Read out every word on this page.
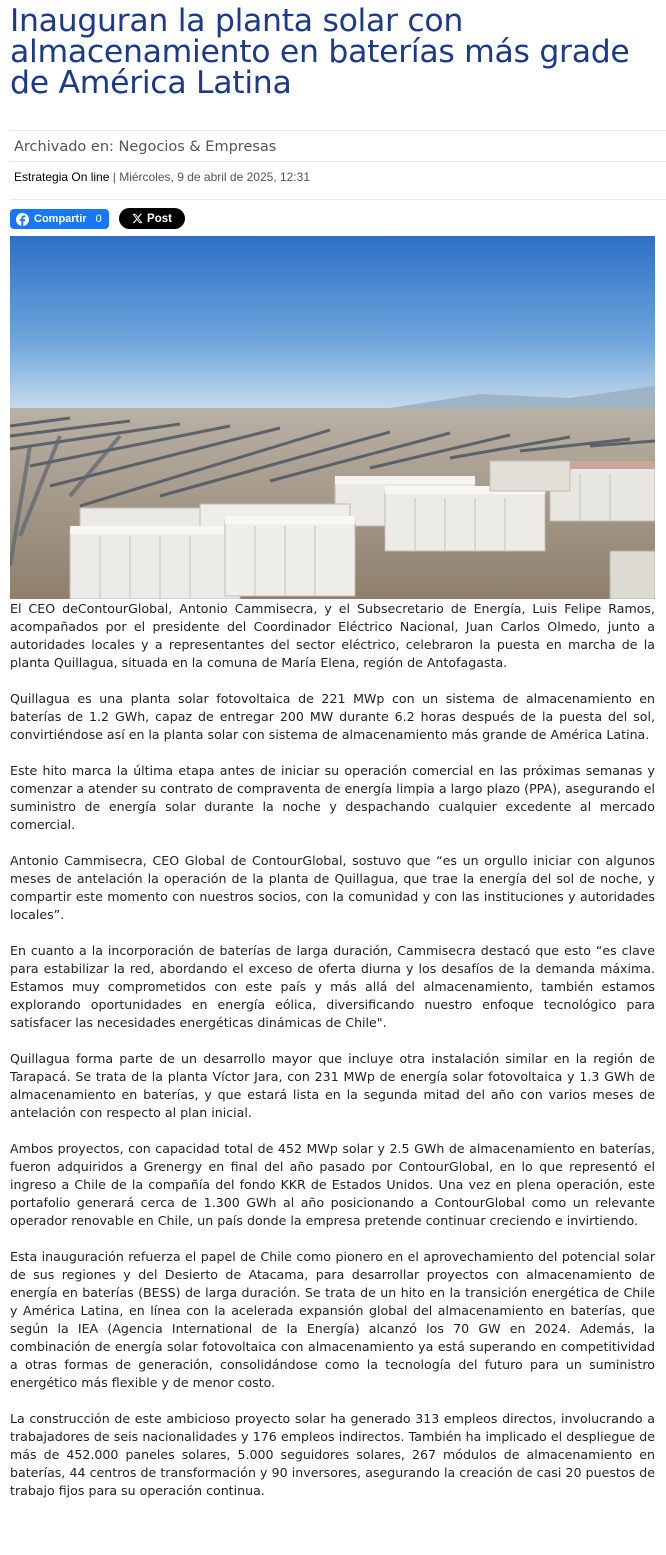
Inauguran la planta solar con almacenamiento en baterías más grade de América Latina
Archivado en: Negocios & Empresas
Estrategia On line | Miércoles, 9 de abril de 2025, 12:31
Compartir 0	Post

El CEO deContourGlobal, Antonio Cammisecra, y el Subsecretario de Energía, Luis Felipe Ramos, acompañados por el presidente del Coordinador Eléctrico Nacional, Juan Carlos Olmedo, junto a autoridades locales y a representantes del sector eléctrico, celebraron la puesta en marcha de la planta Quillagua, situada en la comuna de María Elena, región de Antofagasta.

Quillagua es una planta solar fotovoltaica de 221 MWp con un sistema de almacenamiento en baterías de 1.2 GWh, capaz de entregar 200 MW durante 6.2 horas después de la puesta del sol, convirtiéndose así en la planta solar con sistema de almacenamiento más grande de América Latina.

Este hito marca la última etapa antes de iniciar su operación comercial en las próximas semanas y comenzar a atender su contrato de compraventa de energía limpia a largo plazo (PPA), asegurando el suministro de energía solar durante la noche y despachando cualquier excedente al mercado comercial.

Antonio Cammisecra, CEO Global de ContourGlobal, sostuvo que “es un orgullo iniciar con algunos meses de antelación la operación de la planta de Quillagua, que trae la energía del sol de noche, y compartir este momento con nuestros socios, con la comunidad y con las instituciones y autoridades locales”.

En cuanto a la incorporación de baterías de larga duración, Cammisecra destacó que esto “es clave para estabilizar la red, abordando el exceso de oferta diurna y los desafíos de la demanda máxima. Estamos muy comprometidos con este país y más allá del almacenamiento, también estamos explorando oportunidades en energía eólica, diversificando nuestro enfoque tecnológico para satisfacer las necesidades energéticas dinámicas de Chile".

Quillagua forma parte de un desarrollo mayor que incluye otra instalación similar en la región de Tarapacá. Se trata de la planta Víctor Jara, con 231 MWp de energía solar fotovoltaica y 1.3 GWh de almacenamiento en baterías, y que estará lista en la segunda mitad del año con varios meses de antelación con respecto al plan inicial.

Ambos proyectos, con capacidad total de 452 MWp solar y 2.5 GWh de almacenamiento en baterías, fueron adquiridos a Grenergy en final del año pasado por ContourGlobal, en lo que representó el ingreso a Chile de la compañía del fondo KKR de Estados Unidos. Una vez en plena operación, este portafolio generará cerca de 1.300 GWh al año posicionando a ContourGlobal como un relevante operador renovable en Chile, un país donde la empresa pretende continuar creciendo e invirtiendo.

Esta inauguración refuerza el papel de Chile como pionero en el aprovechamiento del potencial solar de sus regiones y del Desierto de Atacama, para desarrollar proyectos con almacenamiento de energía en baterías (BESS) de larga duración. Se trata de un hito en la transición energética de Chile y América Latina, en línea con la acelerada expansión global del almacenamiento en baterías, que según la IEA (Agencia International de la Energía) alcanzó los 70 GW en 2024. Además, la combinación de energía solar fotovoltaica con almacenamiento ya está superando en competitividad a otras formas de generación, consolidándose como la tecnología del futuro para un suministro energético más flexible y de menor costo.

La construcción de este ambicioso proyecto solar ha generado 313 empleos directos, involucrando a trabajadores de seis nacionalidades y 176 empleos indirectos. También ha implicado el despliegue de más de 452.000 paneles solares, 5.000 seguidores solares, 267 módulos de almacenamiento en baterías, 44 centros de transformación y 90 inversores, asegurando la creación de casi 20 puestos de trabajo fijos para su operación continua.
